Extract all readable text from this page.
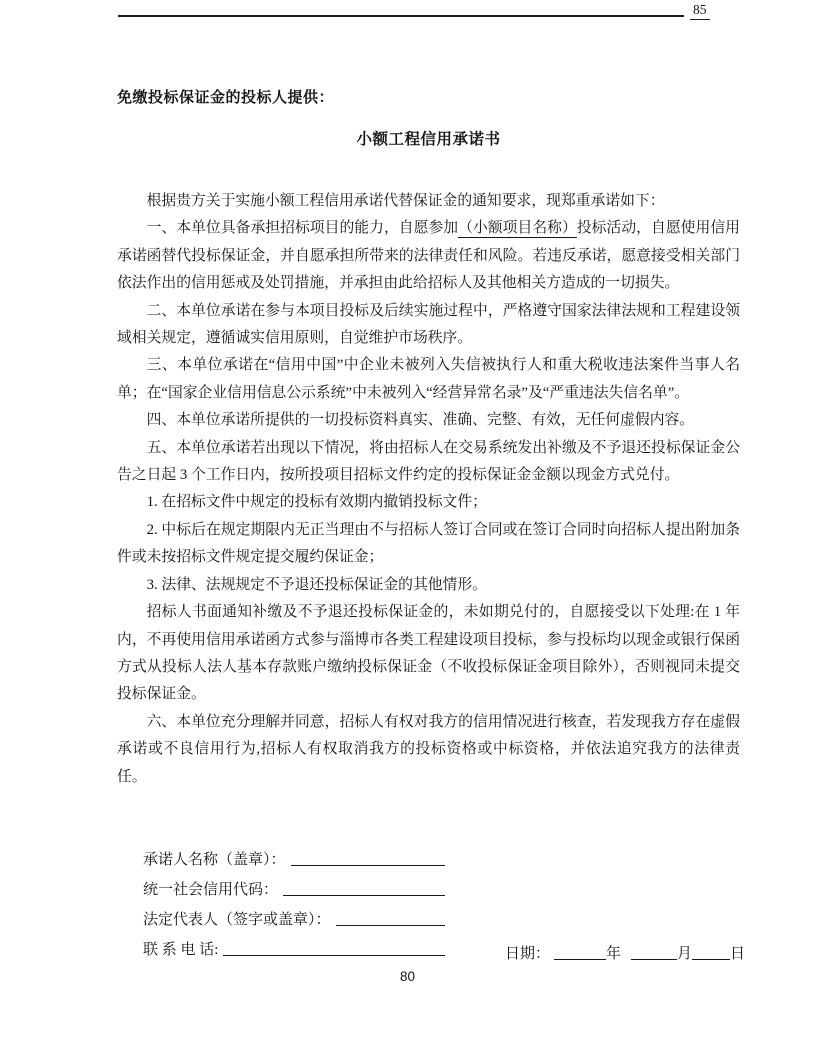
85
免缴投标保证金的投标人提供：
小额工程信用承诺书

根据贵方关于实施小额工程信用承诺代替保证金的通知要求，现郑重承诺如下：

一、本单位具备承担招标项目的能力，自愿参加（小额项目名称）投标活动，自愿使用信用承诺函替代投标保证金，并自愿承担所带来的法律责任和风险。若违反承诺，愿意接受相关部门依法作出的信用惩戒及处罚措施，并承担由此给招标人及其他相关方造成的一切损失。

二、本单位承诺在参与本项目投标及后续实施过程中，严格遵守国家法律法规和工程建设领域相关规定，遵循诚实信用原则，自觉维护市场秩序。

三、本单位承诺在“信用中国”中企业未被列入失信被执行人和重大税收违法案件当事人名单；在“国家企业信用信息公示系统”中未被列入“经营异常名录”及“严重违法失信名单”。

四、本单位承诺所提供的一切投标资料真实、准确、完整、有效，无任何虚假内容。

五、本单位承诺若出现以下情况，将由招标人在交易系统发出补缴及不予退还投标保证金公告之日起 3 个工作日内，按所投项目招标文件约定的投标保证金金额以现金方式兑付。

1. 在招标文件中规定的投标有效期内撤销投标文件；

2. 中标后在规定期限内无正当理由不与招标人签订合同或在签订合同时向招标人提出附加条件或未按招标文件规定提交履约保证金；

3. 法律、法规规定不予退还投标保证金的其他情形。

招标人书面通知补缴及不予退还投标保证金的，未如期兑付的，自愿接受以下处理:在 1 年内，不再使用信用承诺函方式参与淄博市各类工程建设项目投标，参与投标均以现金或银行保函方式从投标人法人基本存款账户缴纳投标保证金（不收投标保证金项目除外），否则视同未提交投标保证金。

六、本单位充分理解并同意，招标人有权对我方的信用情况进行核查，若发现我方存在虚假承诺或不良信用行为,招标人有权取消我方的投标资格或中标资格，并依法追究我方的法律责任。

承诺人名称（盖章）：
统一社会信用代码：
法定代表人（签字或盖章）：
联 系 电 话:	日期：	年	月	日
80
